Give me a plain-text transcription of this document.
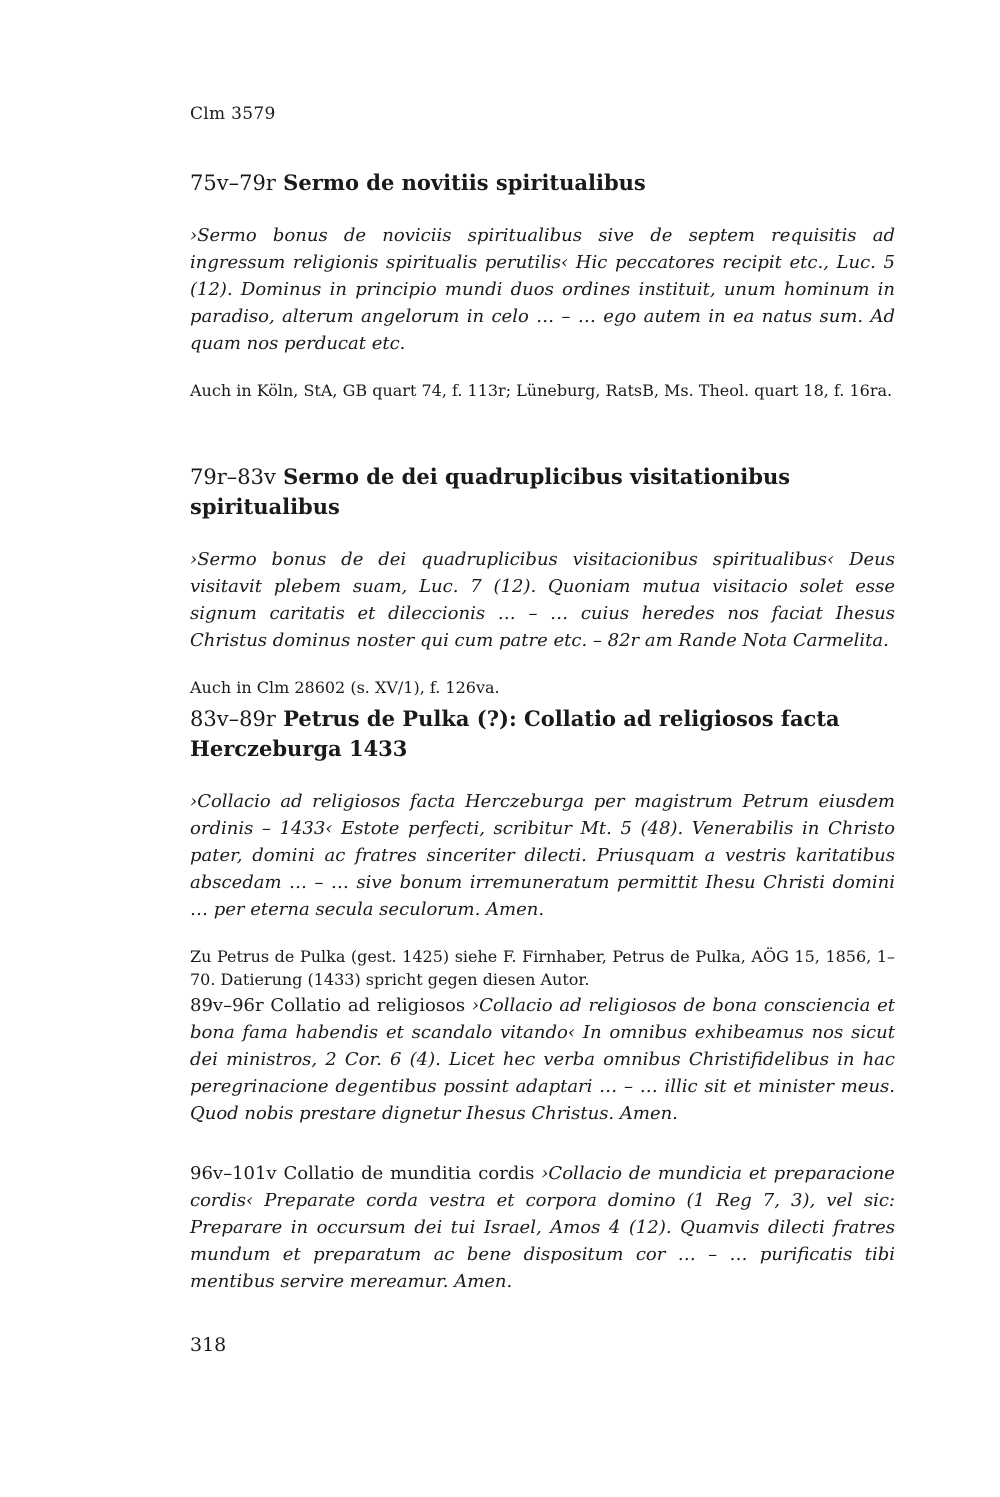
Clm 3579

75v–79r Sermo de novitiis spiritualibus

›Sermo bonus de noviciis spiritualibus sive de septem requisitis ad ingressum religionis spiritualis perutilis‹ Hic peccatores recipit etc., Luc. 5 (12). Dominus in principio mundi duos ordines instituit, unum hominum in paradiso, alterum angelorum in celo … – … ego autem in ea natus sum. Ad quam nos perducat etc.

Auch in Köln, StA, GB quart 74, f. 113r; Lüneburg, RatsB, Ms. Theol. quart 18, f. 16ra.

79r–83v Sermo de dei quadruplicibus visitationibus spiritualibus

›Sermo bonus de dei quadruplicibus visitacionibus spiritualibus‹ Deus visitavit plebem suam, Luc. 7 (12). Quoniam mutua visitacio solet esse signum caritatis et dileccionis … – … cuius heredes nos faciat Ihesus Christus dominus noster qui cum patre etc. – 82r am Rande Nota Carmelita.

Auch in Clm 28602 (s. XV/1), f. 126va.

83v–89r Petrus de Pulka (?): Collatio ad religiosos facta Herczeburga 1433

›Collacio ad religiosos facta Herczeburga per magistrum Petrum eiusdem ordinis – 1433‹ Estote perfecti, scribitur Mt. 5 (48). Venerabilis in Christo pater, domini ac fratres sinceriter dilecti. Priusquam a vestris karitatibus abscedam … – … sive bonum irremuneratum permittit Ihesu Christi domini … per eterna secula seculorum. Amen.

Zu Petrus de Pulka (gest. 1425) siehe F. Firnhaber, Petrus de Pulka, AÖG 15, 1856, 1–70. Datierung (1433) spricht gegen diesen Autor.

89v–96r Collatio ad religiosos ›Collacio ad religiosos de bona consciencia et bona fama habendis et scandalo vitando‹ In omnibus exhibeamus nos sicut dei ministros, 2 Cor. 6 (4). Licet hec verba omnibus Christifidelibus in hac peregrinacione degentibus possint adaptari … – … illic sit et minister meus. Quod nobis prestare dignetur Ihesus Christus. Amen.

96v–101v Collatio de munditia cordis ›Collacio de mundicia et preparacione cordis‹ Preparate corda vestra et corpora domino (1 Reg 7, 3), vel sic: Preparare in occursum dei tui Israel, Amos 4 (12). Quamvis dilecti fratres mundum et preparatum ac bene dispositum cor … – … purificatis tibi mentibus servire mereamur. Amen.

318
